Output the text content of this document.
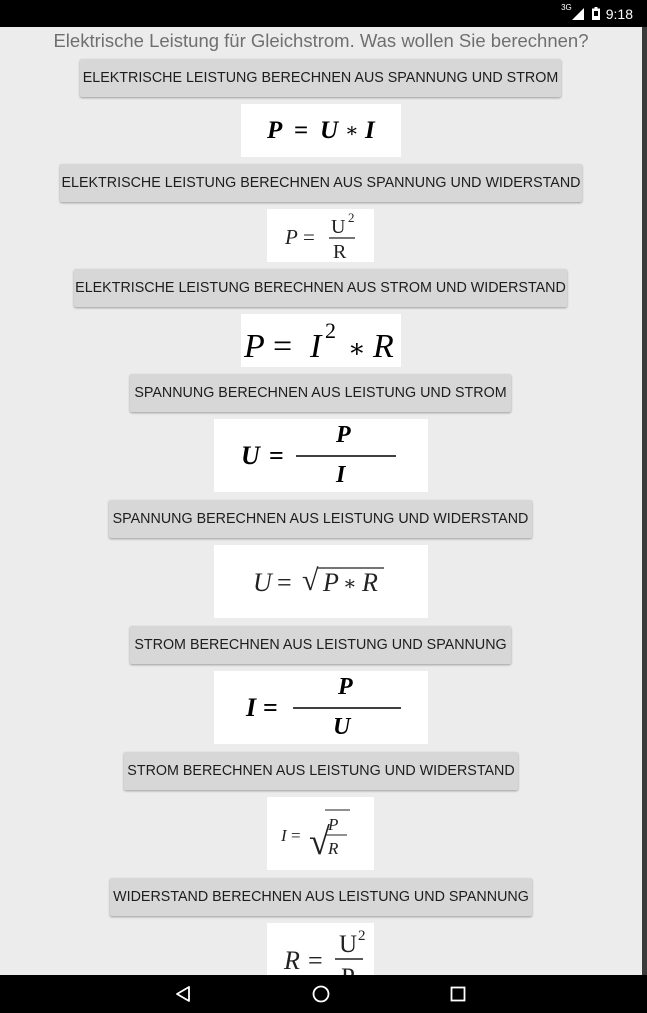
3G 9:18
Elektrische Leistung für Gleichstrom. Was wollen Sie berechnen?
ELEKTRISCHE LEISTUNG BERECHNEN AUS SPANNUNG UND STROM
P = U ∗ I
ELEKTRISCHE LEISTUNG BERECHNEN AUS SPANNUNG UND WIDERSTAND
P = U 2
R
ELEKTRISCHE LEISTUNG BERECHNEN AUS STROM UND WIDERSTAND
P = I 2
∗ R
SPANNUNG BERECHNEN AUS LEISTUNG UND STROM
U =
P
I
SPANNUNG BERECHNEN AUS LEISTUNG UND WIDERSTAND
U = √ P ∗ R
STROM BERECHNEN AUS LEISTUNG UND SPANNUNG
I =
P
U
STROM BERECHNEN AUS LEISTUNG UND WIDERSTAND
I = √
P
R
WIDERSTAND BERECHNEN AUS LEISTUNG UND SPANNUNG
R =
U 2
